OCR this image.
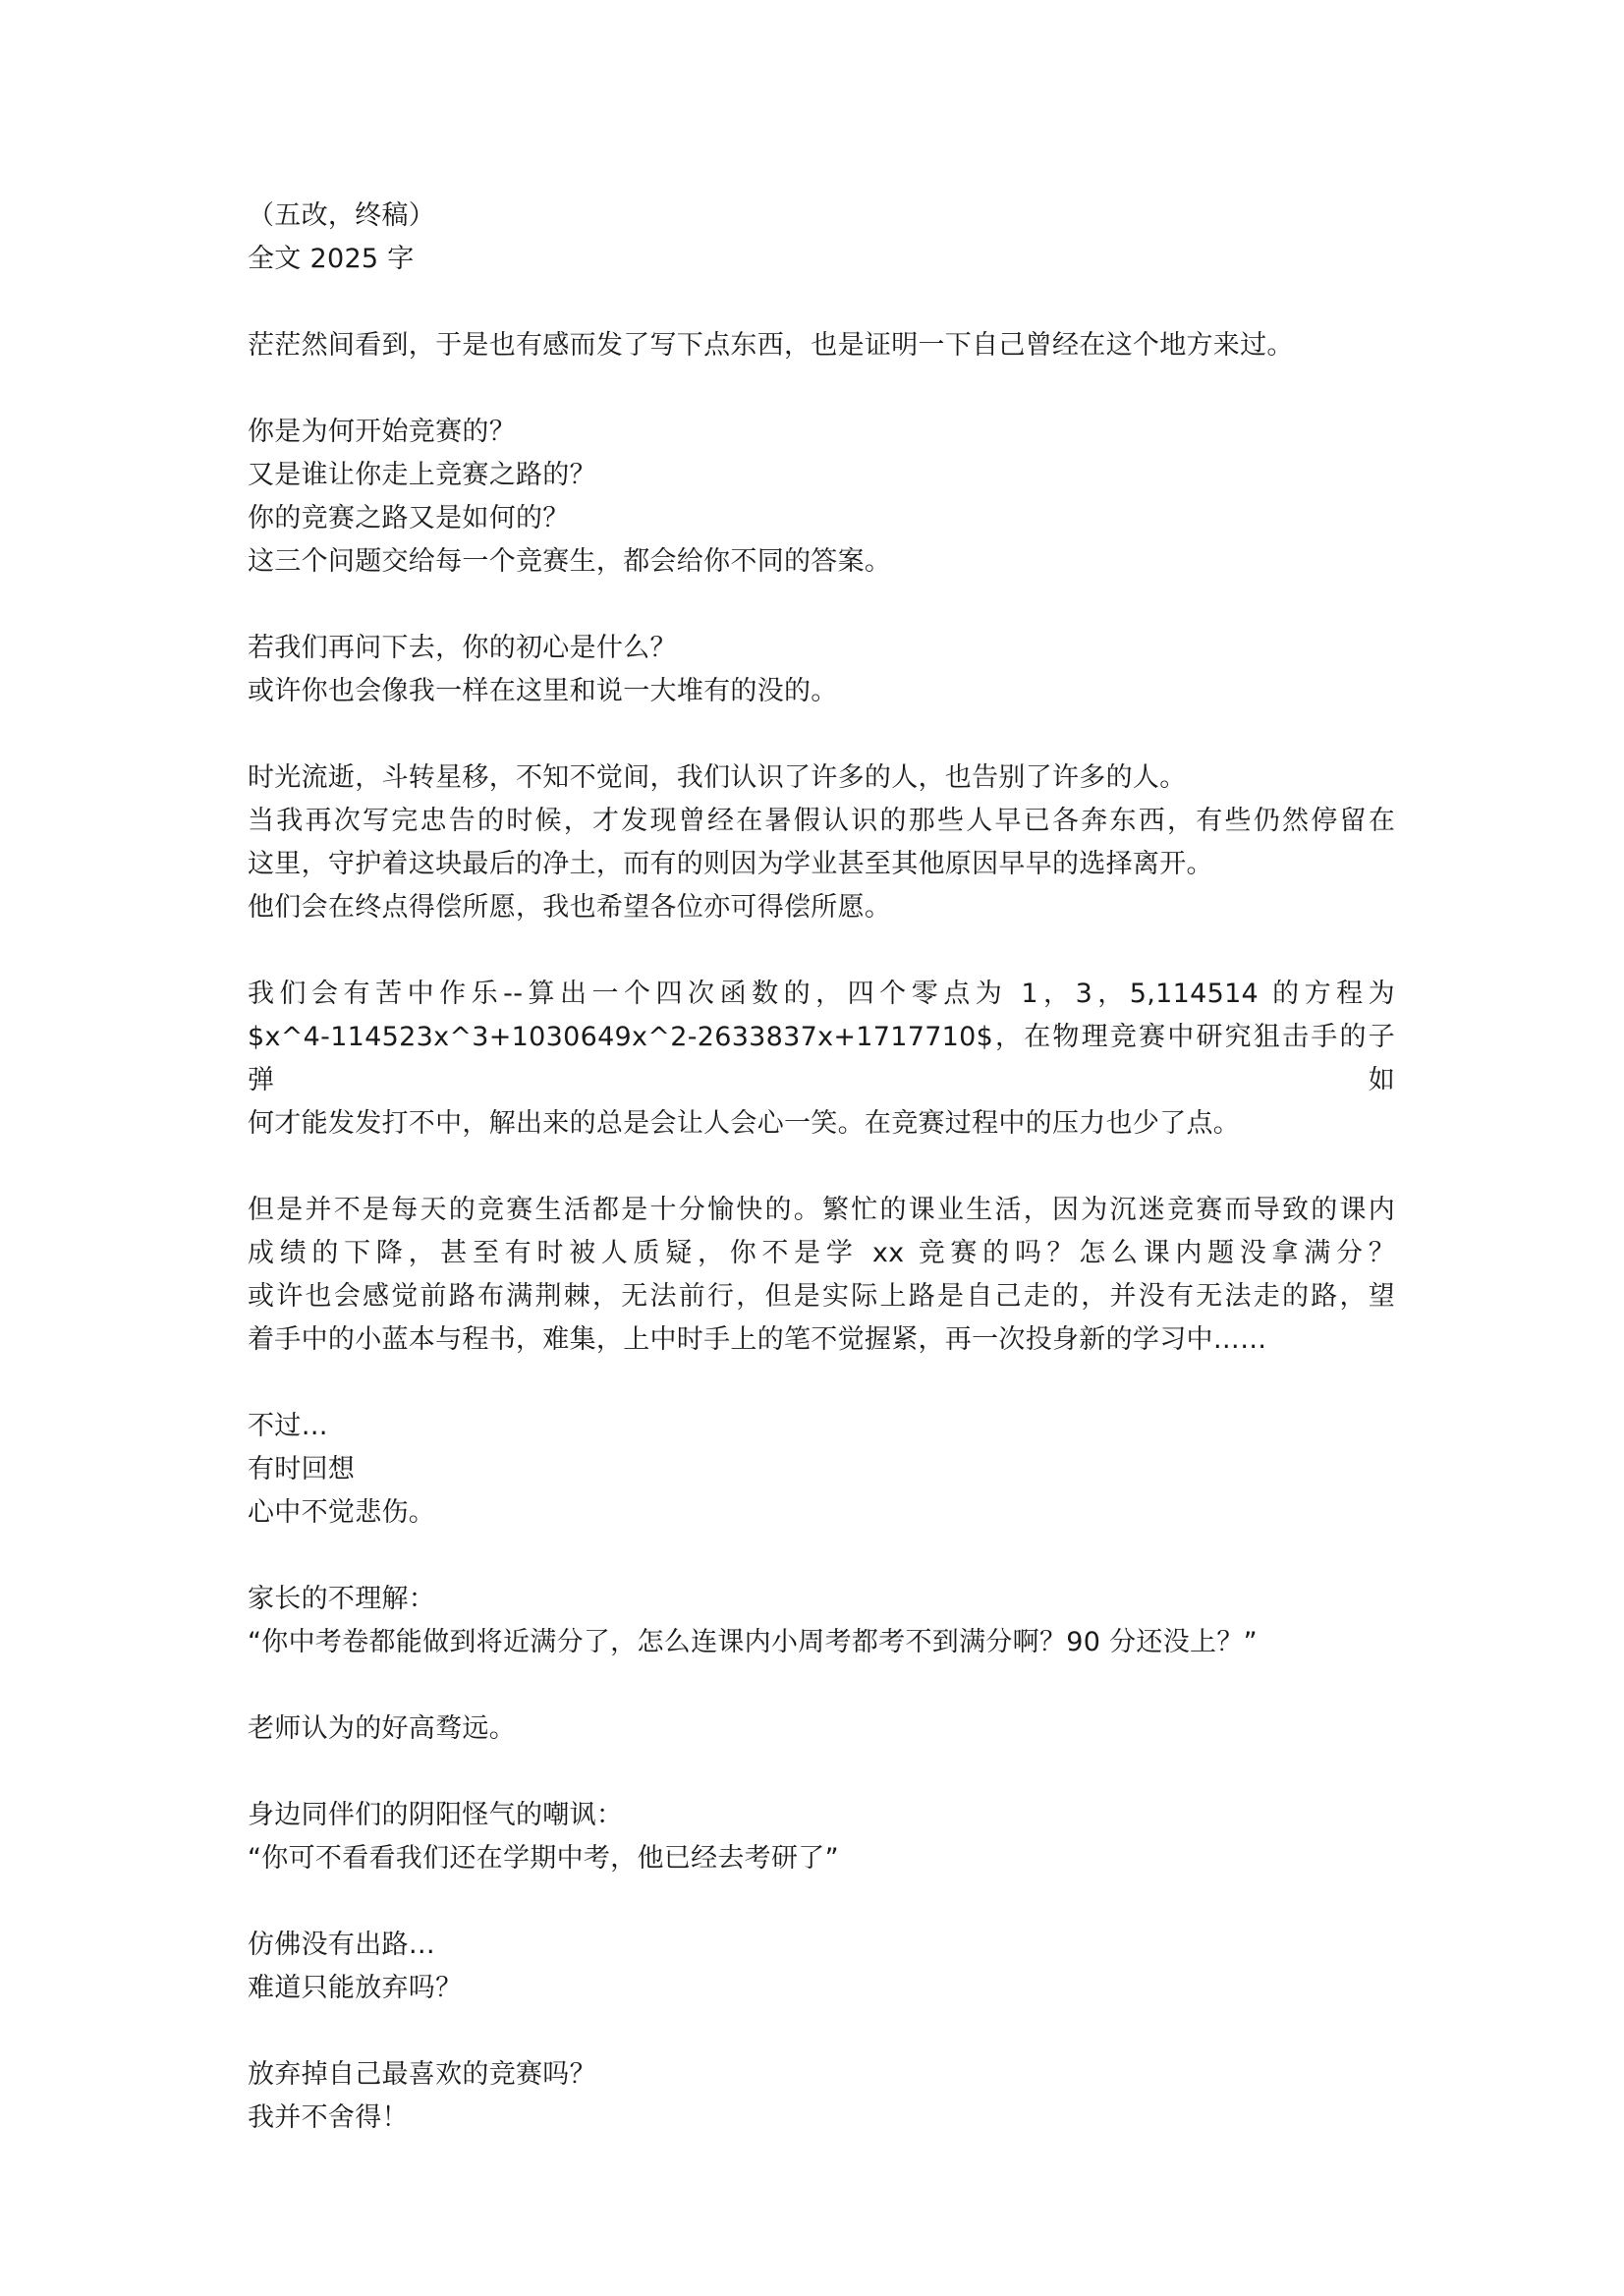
（五改，终稿）
全文 2025 字
茫茫然间看到，于是也有感而发了写下点东西，也是证明一下自己曾经在这个地方来过。
你是为何开始竞赛的？
又是谁让你走上竞赛之路的？
你的竞赛之路又是如何的？
这三个问题交给每一个竞赛生，都会给你不同的答案。
若我们再问下去，你的初心是什么？
或许你也会像我一样在这里和说一大堆有的没的。
时光流逝，斗转星移，不知不觉间，我们认识了许多的人，也告别了许多的人。
当我再次写完忠告的时候，才发现曾经在暑假认识的那些人早已各奔东西，有些仍然停留在
这里，守护着这块最后的净土，而有的则因为学业甚至其他原因早早的选择离开。
他们会在终点得偿所愿，我也希望各位亦可得偿所愿。
我们会有苦中作乐--算出一个四次函数的，四个零点为 1，3，5,114514 的方程为
$x^4-114523x^3+1030649x^2-2633837x+1717710$，在物理竞赛中研究狙击手的子弹如
何才能发发打不中，解出来的总是会让人会心一笑。在竞赛过程中的压力也少了点。
但是并不是每天的竞赛生活都是十分愉快的。繁忙的课业生活，因为沉迷竞赛而导致的课内
成绩的下降，甚至有时被人质疑，你不是学 xx 竞赛的吗？怎么课内题没拿满分？
或许也会感觉前路布满荆棘，无法前行，但是实际上路是自己走的，并没有无法走的路，望
着手中的小蓝本与程书，难集，上中时手上的笔不觉握紧，再一次投身新的学习中……
不过…
有时回想
心中不觉悲伤。
家长的不理解：
“你中考卷都能做到将近满分了，怎么连课内小周考都考不到满分啊？90 分还没上？”
老师认为的好高骛远。
身边同伴们的阴阳怪气的嘲讽：
“你可不看看我们还在学期中考，他已经去考研了”
仿佛没有出路…
难道只能放弃吗？
放弃掉自己最喜欢的竞赛吗？
我并不舍得！
